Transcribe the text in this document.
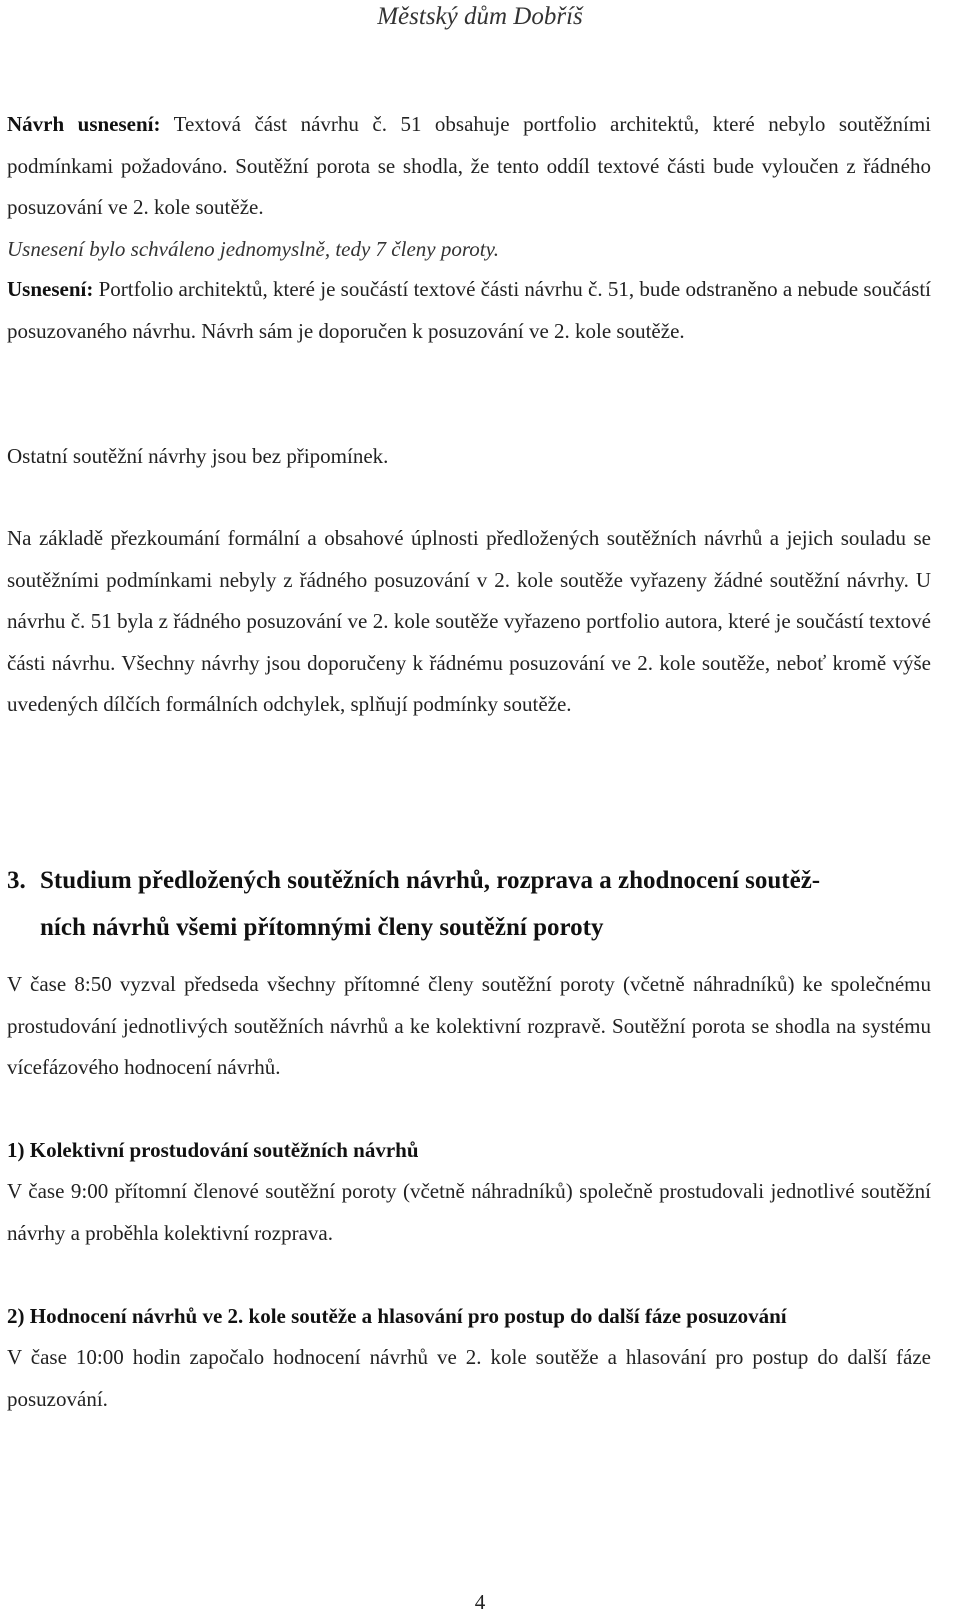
Městský dům Dobříš
Návrh usnesení: Textová část návrhu č. 51 obsahuje portfolio architektů, které nebylo soutěžními podmínkami požadováno. Soutěžní porota se shodla, že tento oddíl textové části bude vyloučen z řádného posuzování ve 2. kole soutěže.
Usnesení bylo schváleno jednomyslně, tedy 7 členy poroty.
Usnesení: Portfolio architektů, které je součástí textové části návrhu č. 51, bude odstraněno a nebude součástí posuzovaného návrhu. Návrh sám je doporučen k posuzování ve 2. kole soutěže.
Ostatní soutěžní návrhy jsou bez připomínek.
Na základě přezkoumání formální a obsahové úplnosti předložených soutěžních návrhů a jejich souladu se soutěžními podmínkami nebyly z řádného posuzování v 2. kole soutěže vyřazeny žádné soutěžní návrhy. U návrhu č. 51 byla z řádného posuzování ve 2. kole soutěže vyřazeno portfolio autora, které je součástí textové části návrhu. Všechny návrhy jsou doporučeny k řádnému posuzování ve 2. kole soutěže, neboť kromě výše uvedených dílčích formálních odchylek, splňují podmínky soutěže.
3. Studium předložených soutěžních návrhů, rozprava a zhodnocení soutěž-
ních návrhů všemi přítomnými členy soutěžní poroty
V čase 8:50 vyzval předseda všechny přítomné členy soutěžní poroty (včetně náhradníků) ke společnému prostudování jednotlivých soutěžních návrhů a ke kolektivní rozpravě. Soutěžní porota se shodla na systému vícefázového hodnocení návrhů.
1) Kolektivní prostudování soutěžních návrhů
V čase 9:00 přítomní členové soutěžní poroty (včetně náhradníků) společně prostudovali jednotlivé soutěžní návrhy a proběhla kolektivní rozprava.
2) Hodnocení návrhů ve 2. kole soutěže a hlasování pro postup do další fáze posuzování
V čase 10:00 hodin započalo hodnocení návrhů ve 2. kole soutěže a hlasování pro postup do další fáze posuzování.
4
